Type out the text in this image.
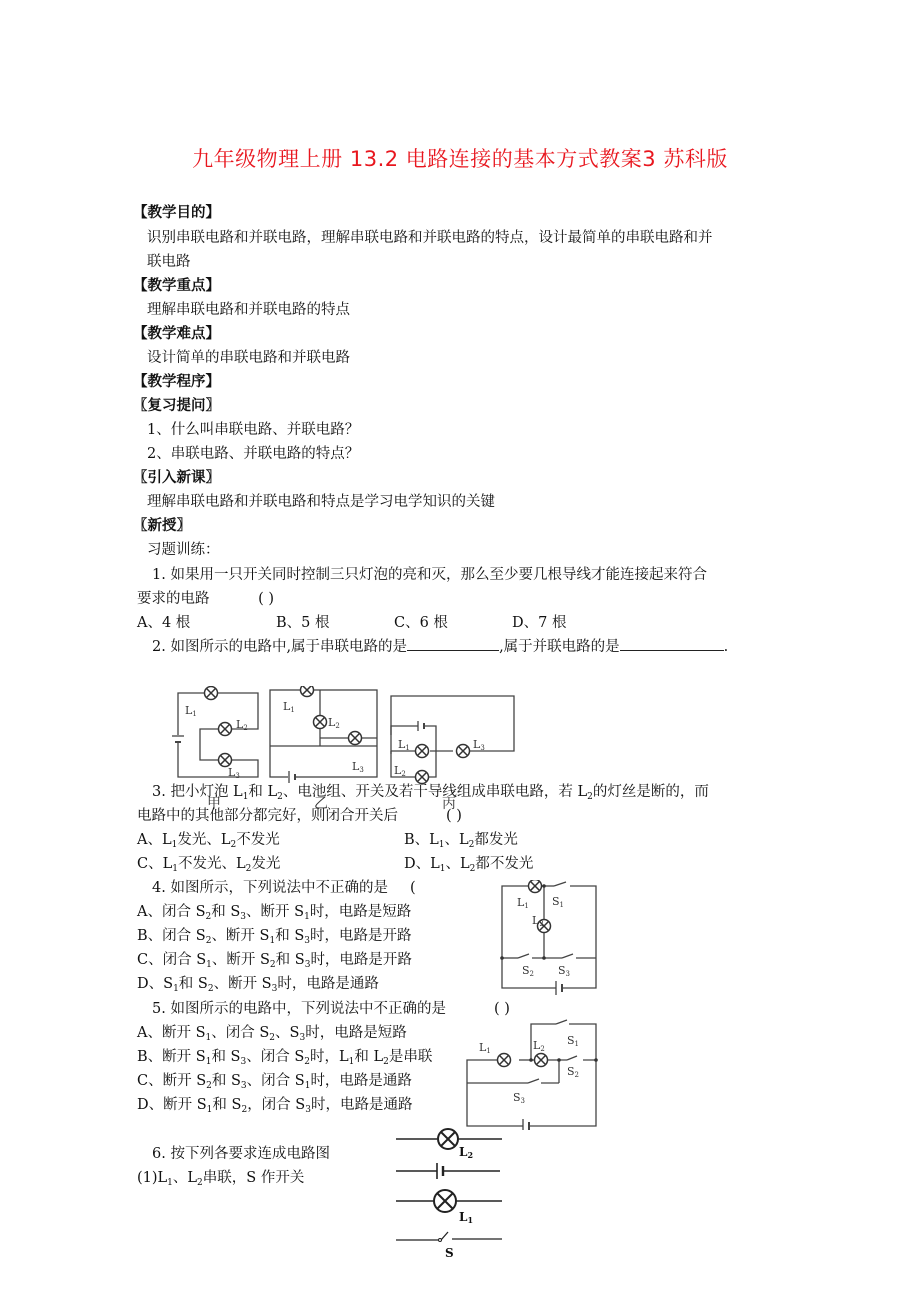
九年级物理上册 13.2 电路连接的基本方式教案3 苏科版
【教学目的】
识别串联电路和并联电路，理解串联电路和并联电路的特点，设计最简单的串联电路和并
联电路
【教学重点】
理解串联电路和并联电路的特点
【教学难点】
设计简单的串联电路和并联电路
【教学程序】
〖复习提问〗
1、什么叫串联电路、并联电路？
2、串联电路、并联电路的特点？
〖引入新课〗
理解串联电路和并联电路和特点是学习电学知识的关键
〖新授〗
习题训练：
1. 如果用一只开关同时控制三只灯泡的亮和灭，那么至少要几根导线才能连接起来符合
要求的电路	( )
A、4 根	B、5 根	C、6 根	D、7 根
2. 如图所示的电路中,属于串联电路的是	,属于并联电路的是	.
L1
L2
L3
L1
L2
L3
L1	L3
L2
甲	乙	丙
3. 把小灯泡 $L_1$和 $L_2$、电池组、开关及若干导线组成串联电路，若 $L_2$的灯丝是断的，而
电路中的其他部分都完好，则闭合开关后	( )
A、$L_1$发光、$L_2$不发光	B、$L_1$、$L_2$都发光
C、$L_1$不发光、$L_2$发光	D、$L_1$、$L_2$都不发光
4. 如图所示，下列说法中不正确的是 (
A、闭合 $S_2$和 $S_3$、断开 $S_1$时，电路是短路
B、闭合 $S_2$、断开 $S_1$和 $S_3$时，电路是开路
C、闭合 $S_1$、断开 $S_2$和 $S_3$时，电路是开路
D、$S_1$和 $S_2$、断开 $S_3$时，电路是通路
L1 S1
L2
S2 S3
5. 如图所示的电路中，下列说法中不正确的是	( )
A、断开 $S_1$、闭合 $S_2$、$S_3$时，电路是短路
B、断开 $S_1$和 $S_3$、闭合 $S_2$时，$L_1$和 $L_2$是串联
C、断开 $S_2$和 $S_3$、闭合 $S_1$时，电路是通路
D、断开 $S_1$和 $S_2$，闭合 $S_3$时，电路是通路
L1	L2
S1
S2
S3
6. 按下列各要求连成电路图
$(1)L_1$、$L_2$串联，S 作开关
L2
L1
S
